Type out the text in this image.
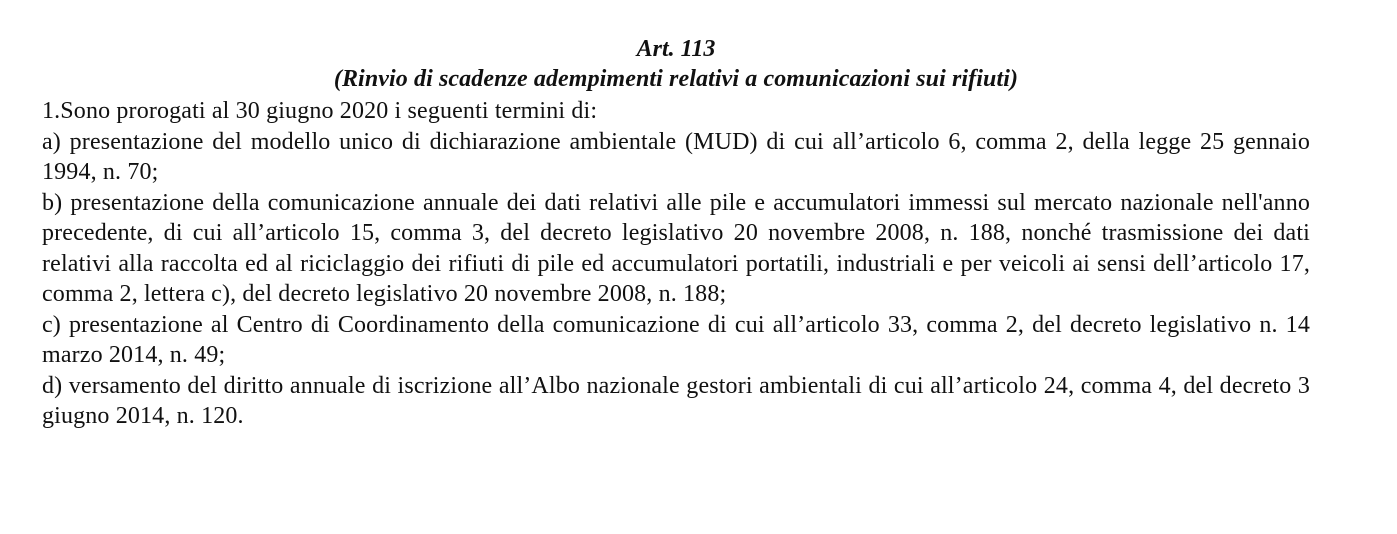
Art. 113

(Rinvio di scadenze adempimenti relativi a comunicazioni sui rifiuti)

1.Sono prorogati al 30 giugno 2020 i seguenti termini di:

a) presentazione del modello unico di dichiarazione ambientale (MUD) di cui all’articolo 6, comma 2, della legge 25 gennaio 1994, n. 70;

b) presentazione della comunicazione annuale dei dati relativi alle pile e accumulatori immessi sul mercato nazionale nell'anno precedente, di cui all’articolo 15, comma 3, del decreto legislativo 20 novembre 2008, n. 188, nonché trasmissione dei dati relativi alla raccolta ed al riciclaggio dei rifiuti di pile ed accumulatori portatili, industriali e per veicoli ai sensi dell’articolo 17, comma 2, lettera c), del decreto legislativo 20 novembre 2008, n. 188;

c) presentazione al Centro di Coordinamento della comunicazione di cui all’articolo 33, comma 2, del decreto legislativo n. 14 marzo 2014, n. 49;

d) versamento del diritto annuale di iscrizione all’Albo nazionale gestori ambientali di cui all’articolo 24, comma 4, del decreto 3 giugno 2014, n. 120.
